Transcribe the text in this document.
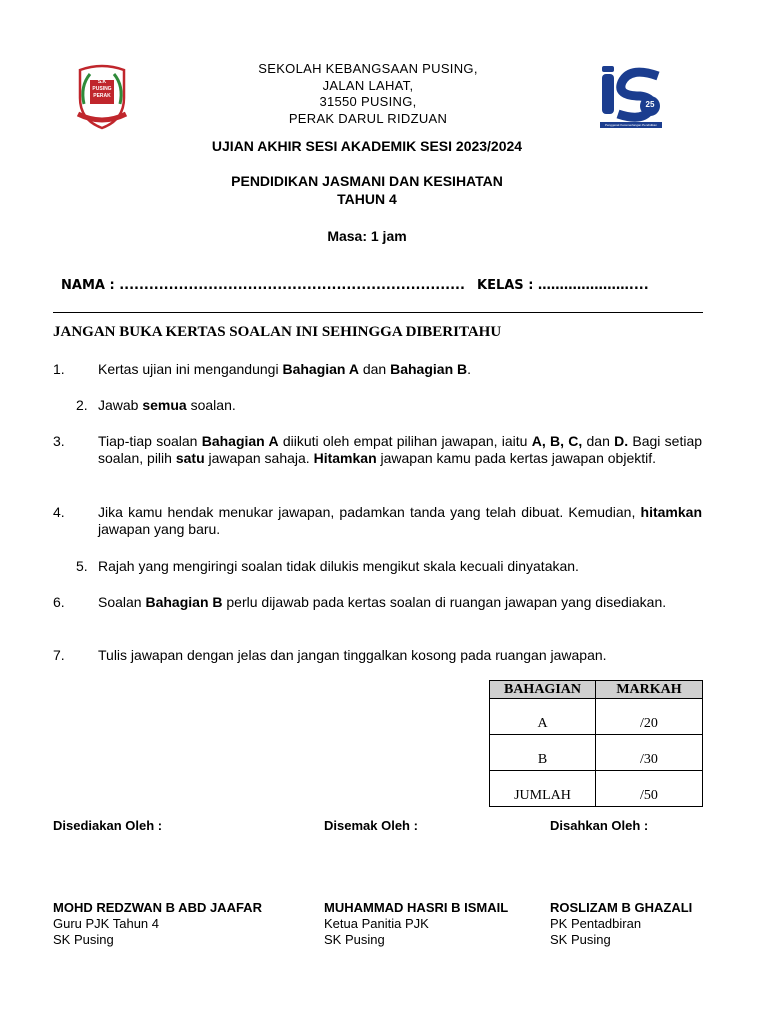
S.K
PUSING
PERAK
25
Penggerak Kecemerlangan Pendidikan
SEKOLAH KEBANGSAAN PUSING,
JALAN LAHAT,
31550 PUSING,
PERAK DARUL RIDZUAN
UJIAN AKHIR SESI AKADEMIK SESI 2023/2024
PENDIDIKAN JASMANI DAN KESIHATAN
TAHUN 4
Masa: 1 jam
NAMA : ...................................................................... KELAS : …………………....
JANGAN BUKA KERTAS SOALAN INI SEHINGGA DIBERITAHU
1. Kertas ujian ini mengandungi Bahagian A dan Bahagian B.
2. Jawab semua soalan.
3. Tiap-tiap soalan Bahagian A diikuti oleh empat pilihan jawapan, iaitu A, B, C, dan D. Bagi setiap soalan, pilih satu jawapan sahaja. Hitamkan jawapan kamu pada kertas jawapan objektif.
4. Jika kamu hendak menukar jawapan, padamkan tanda yang telah dibuat. Kemudian, hitamkan jawapan yang baru.
5. Rajah yang mengiringi soalan tidak dilukis mengikut skala kecuali dinyatakan.
6. Soalan Bahagian B perlu dijawab pada kertas soalan di ruangan jawapan yang disediakan.
7. Tulis jawapan dengan jelas dan jangan tinggalkan kosong pada ruangan jawapan.
BAHAGIAN	MARKAH
A	/20
B	/30
JUMLAH	/50
Disediakan Oleh :	Disemak Oleh :	Disahkan Oleh :
MOHD REDZWAN B ABD JAAFAR
Guru PJK Tahun 4
SK Pusing
MUHAMMAD HASRI B ISMAIL
Ketua Panitia PJK
SK Pusing
ROSLIZAM B GHAZALI
PK Pentadbiran
SK Pusing
